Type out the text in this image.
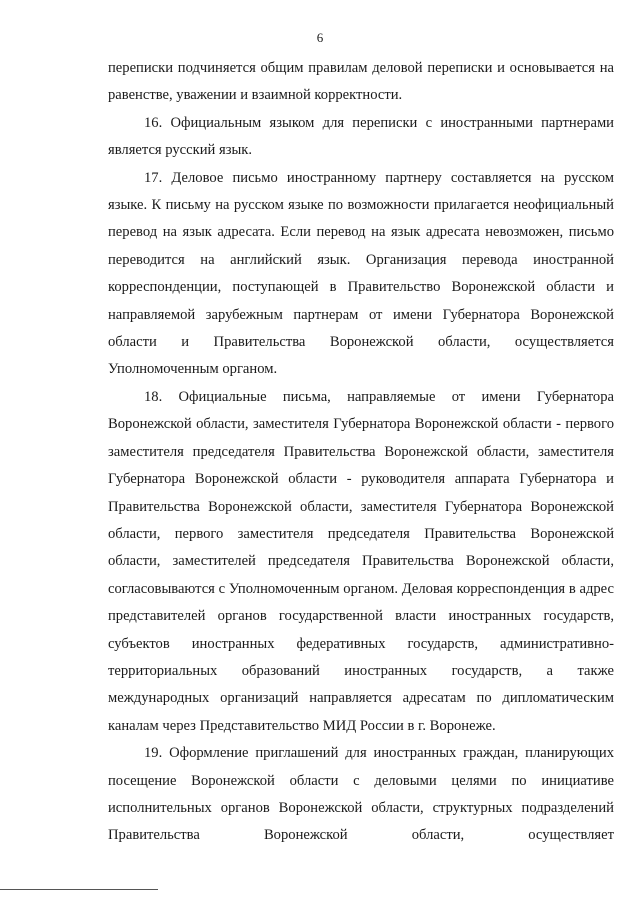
6

переписки подчиняется общим правилам деловой переписки и основывается на равенстве, уважении и взаимной корректности.

16. Официальным языком для переписки с иностранными партнерами является русский язык.

17. Деловое письмо иностранному партнеру составляется на русском языке. К письму на русском языке по возможности прилагается неофициальный перевод на язык адресата. Если перевод на язык адресата невозможен, письмо переводится на английский язык. Организация перевода иностранной корреспонденции, поступающей в Правительство Воронежской области и направляемой зарубежным партнерам от имени Губернатора Воронежской области и Правительства Воронежской области, осуществляется Уполномоченным органом.

18. Официальные письма, направляемые от имени Губернатора Воронежской области, заместителя Губернатора Воронежской области - первого заместителя председателя Правительства Воронежской области, заместителя Губернатора Воронежской области - руководителя аппарата Губернатора и Правительства Воронежской области, заместителя Губернатора Воронежской области, первого заместителя председателя Правительства Воронежской области, заместителей председателя Правительства Воронежской области, согласовываются с Уполномоченным органом. Деловая корреспонденция в адрес представителей органов государственной власти иностранных государств, субъектов иностранных федеративных государств, административно-территориальных образований иностранных государств, а также международных организаций направляется адресатам по дипломатическим каналам через Представительство МИД России в г. Воронеже.

19. Оформление приглашений для иностранных граждан, планирующих посещение Воронежской области с деловыми целями по инициативе исполнительных органов Воронежской области, структурных подразделений Правительства Воронежской области, осуществляет
